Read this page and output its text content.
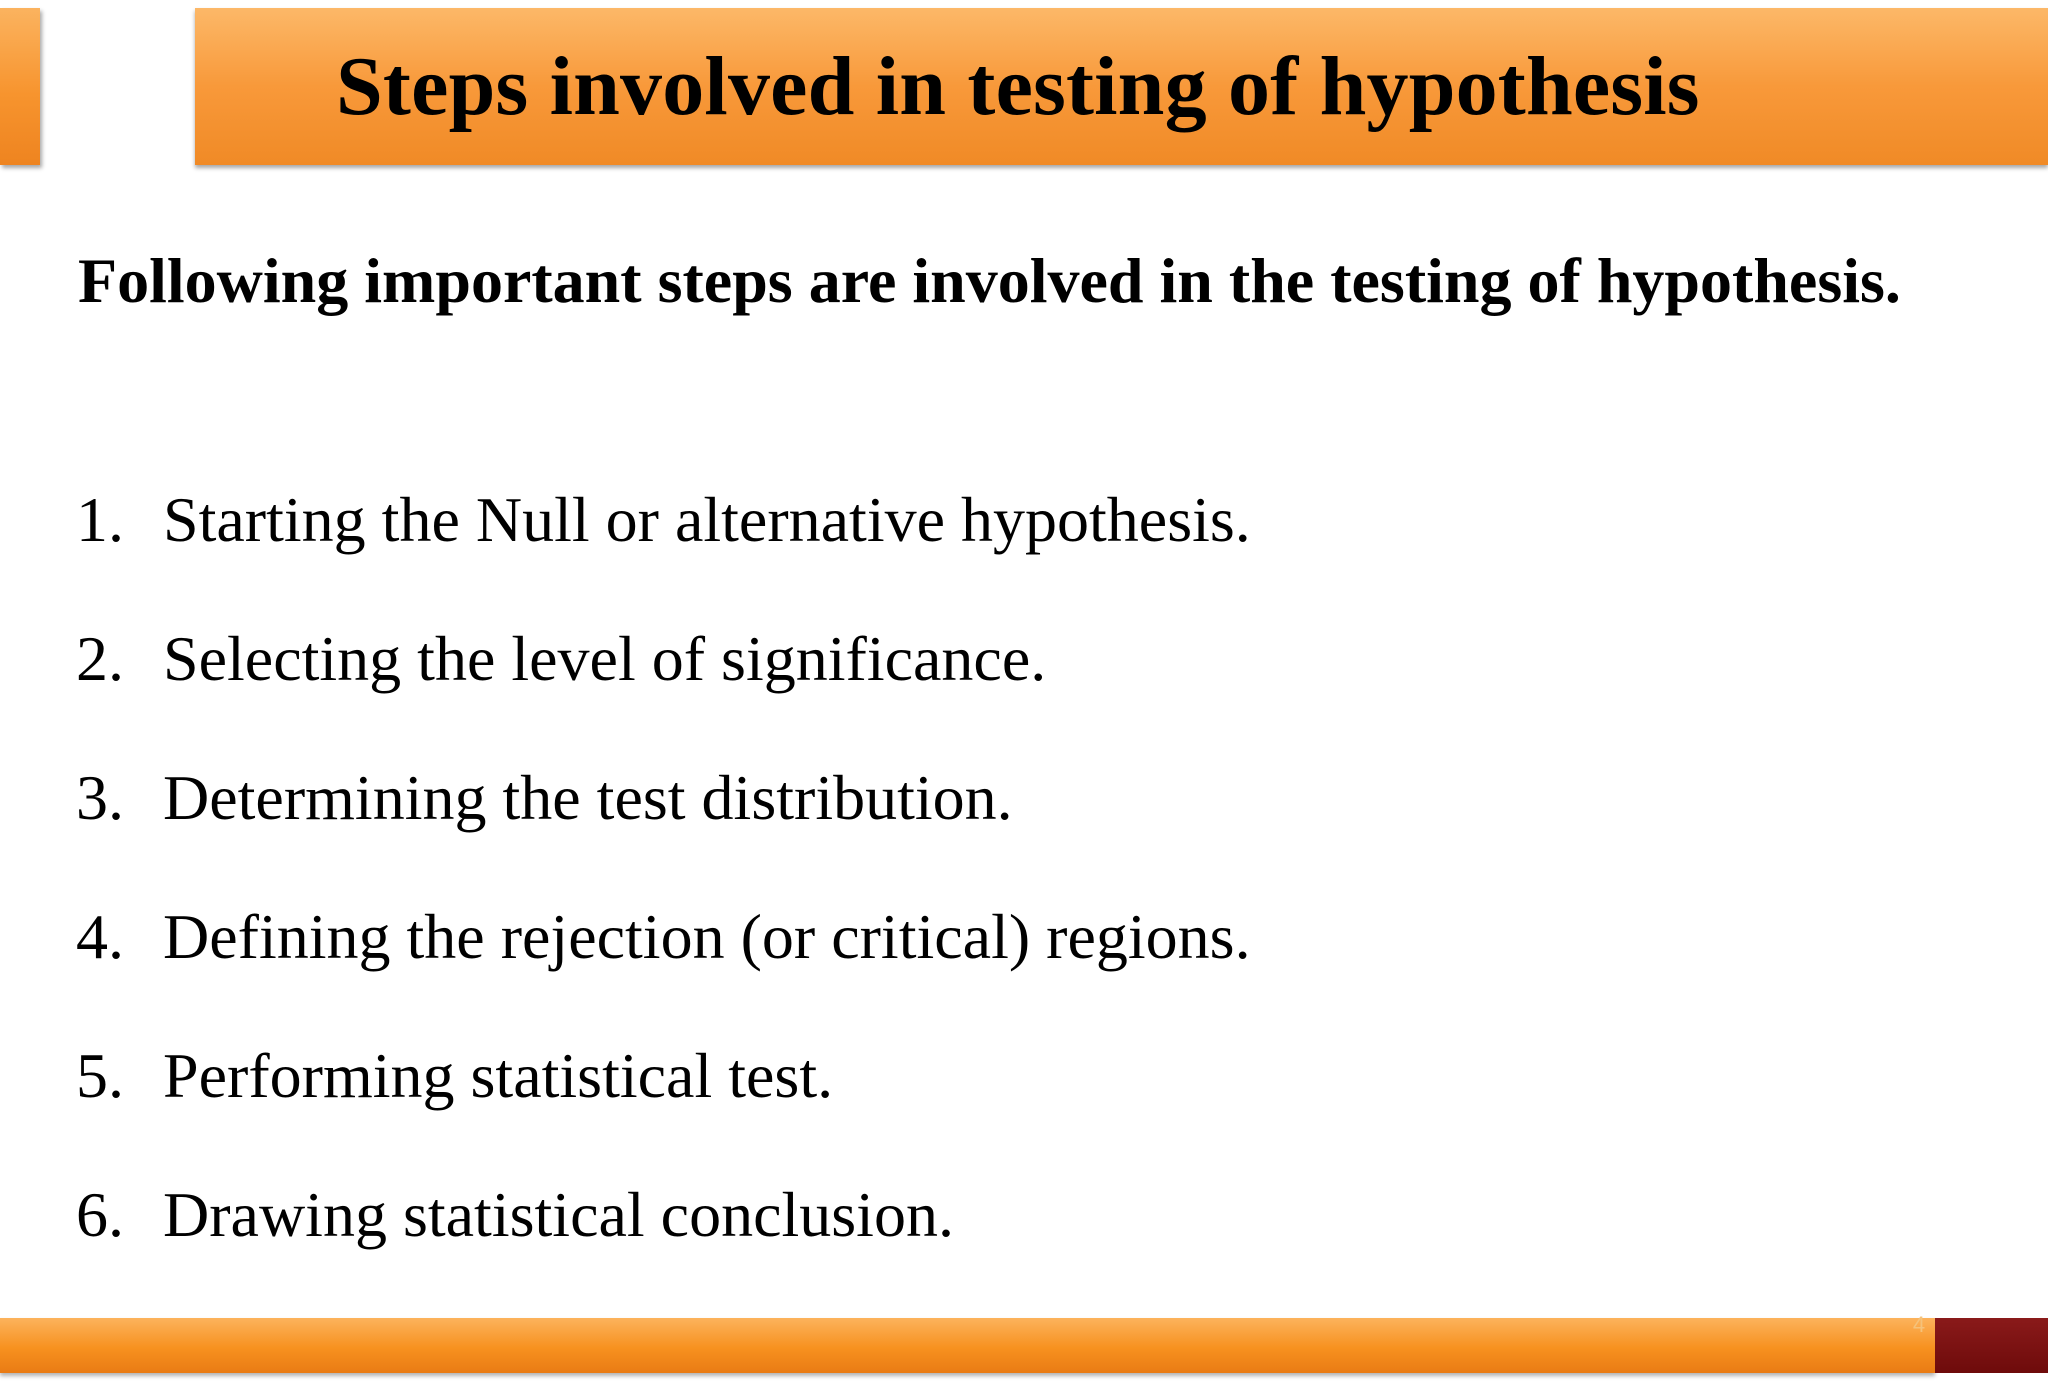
Steps involved in testing of hypothesis
Following important steps are involved in the testing of hypothesis.
1. Starting the Null or alternative hypothesis.
2. Selecting the level of significance.
3. Determining the test distribution.
4. Defining the rejection (or critical) regions.
5. Performing statistical test.
6. Drawing statistical conclusion.
4
